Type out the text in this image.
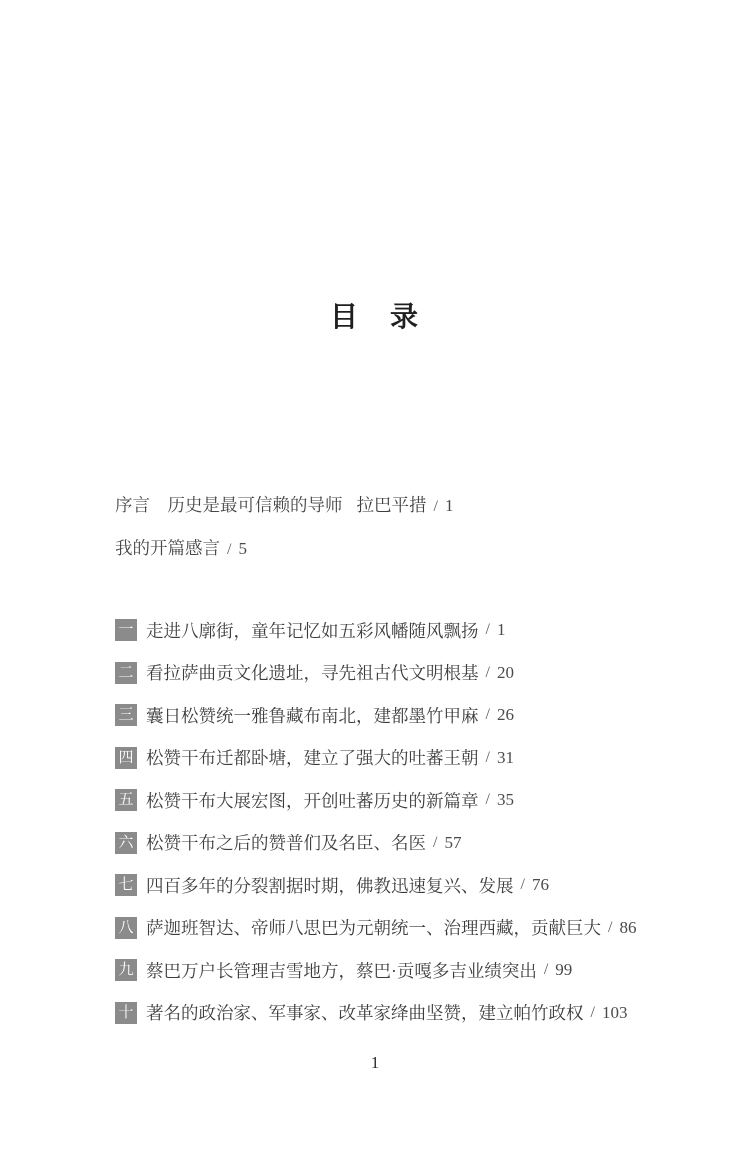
目　录
序言 历史是最可信赖的导师 拉巴平措 / 1
我的开篇感言 / 5
一 走进八廓街，童年记忆如五彩风幡随风飘扬 / 1
二 看拉萨曲贡文化遗址，寻先祖古代文明根基 / 20
三 囊日松赞统一雅鲁藏布南北，建都墨竹甲麻 / 26
四 松赞干布迁都卧塘，建立了强大的吐蕃王朝 / 31
五 松赞干布大展宏图，开创吐蕃历史的新篇章 / 35
六 松赞干布之后的赞普们及名臣、名医 / 57
七 四百多年的分裂割据时期，佛教迅速复兴、发展 / 76
八 萨迦班智达、帝师八思巴为元朝统一、治理西藏，贡献巨大 / 86
九 蔡巴万户长管理吉雪地方，蔡巴·贡嘎多吉业绩突出 / 99
十 著名的政治家、军事家、改革家绛曲坚赞，建立帕竹政权 / 103
1
